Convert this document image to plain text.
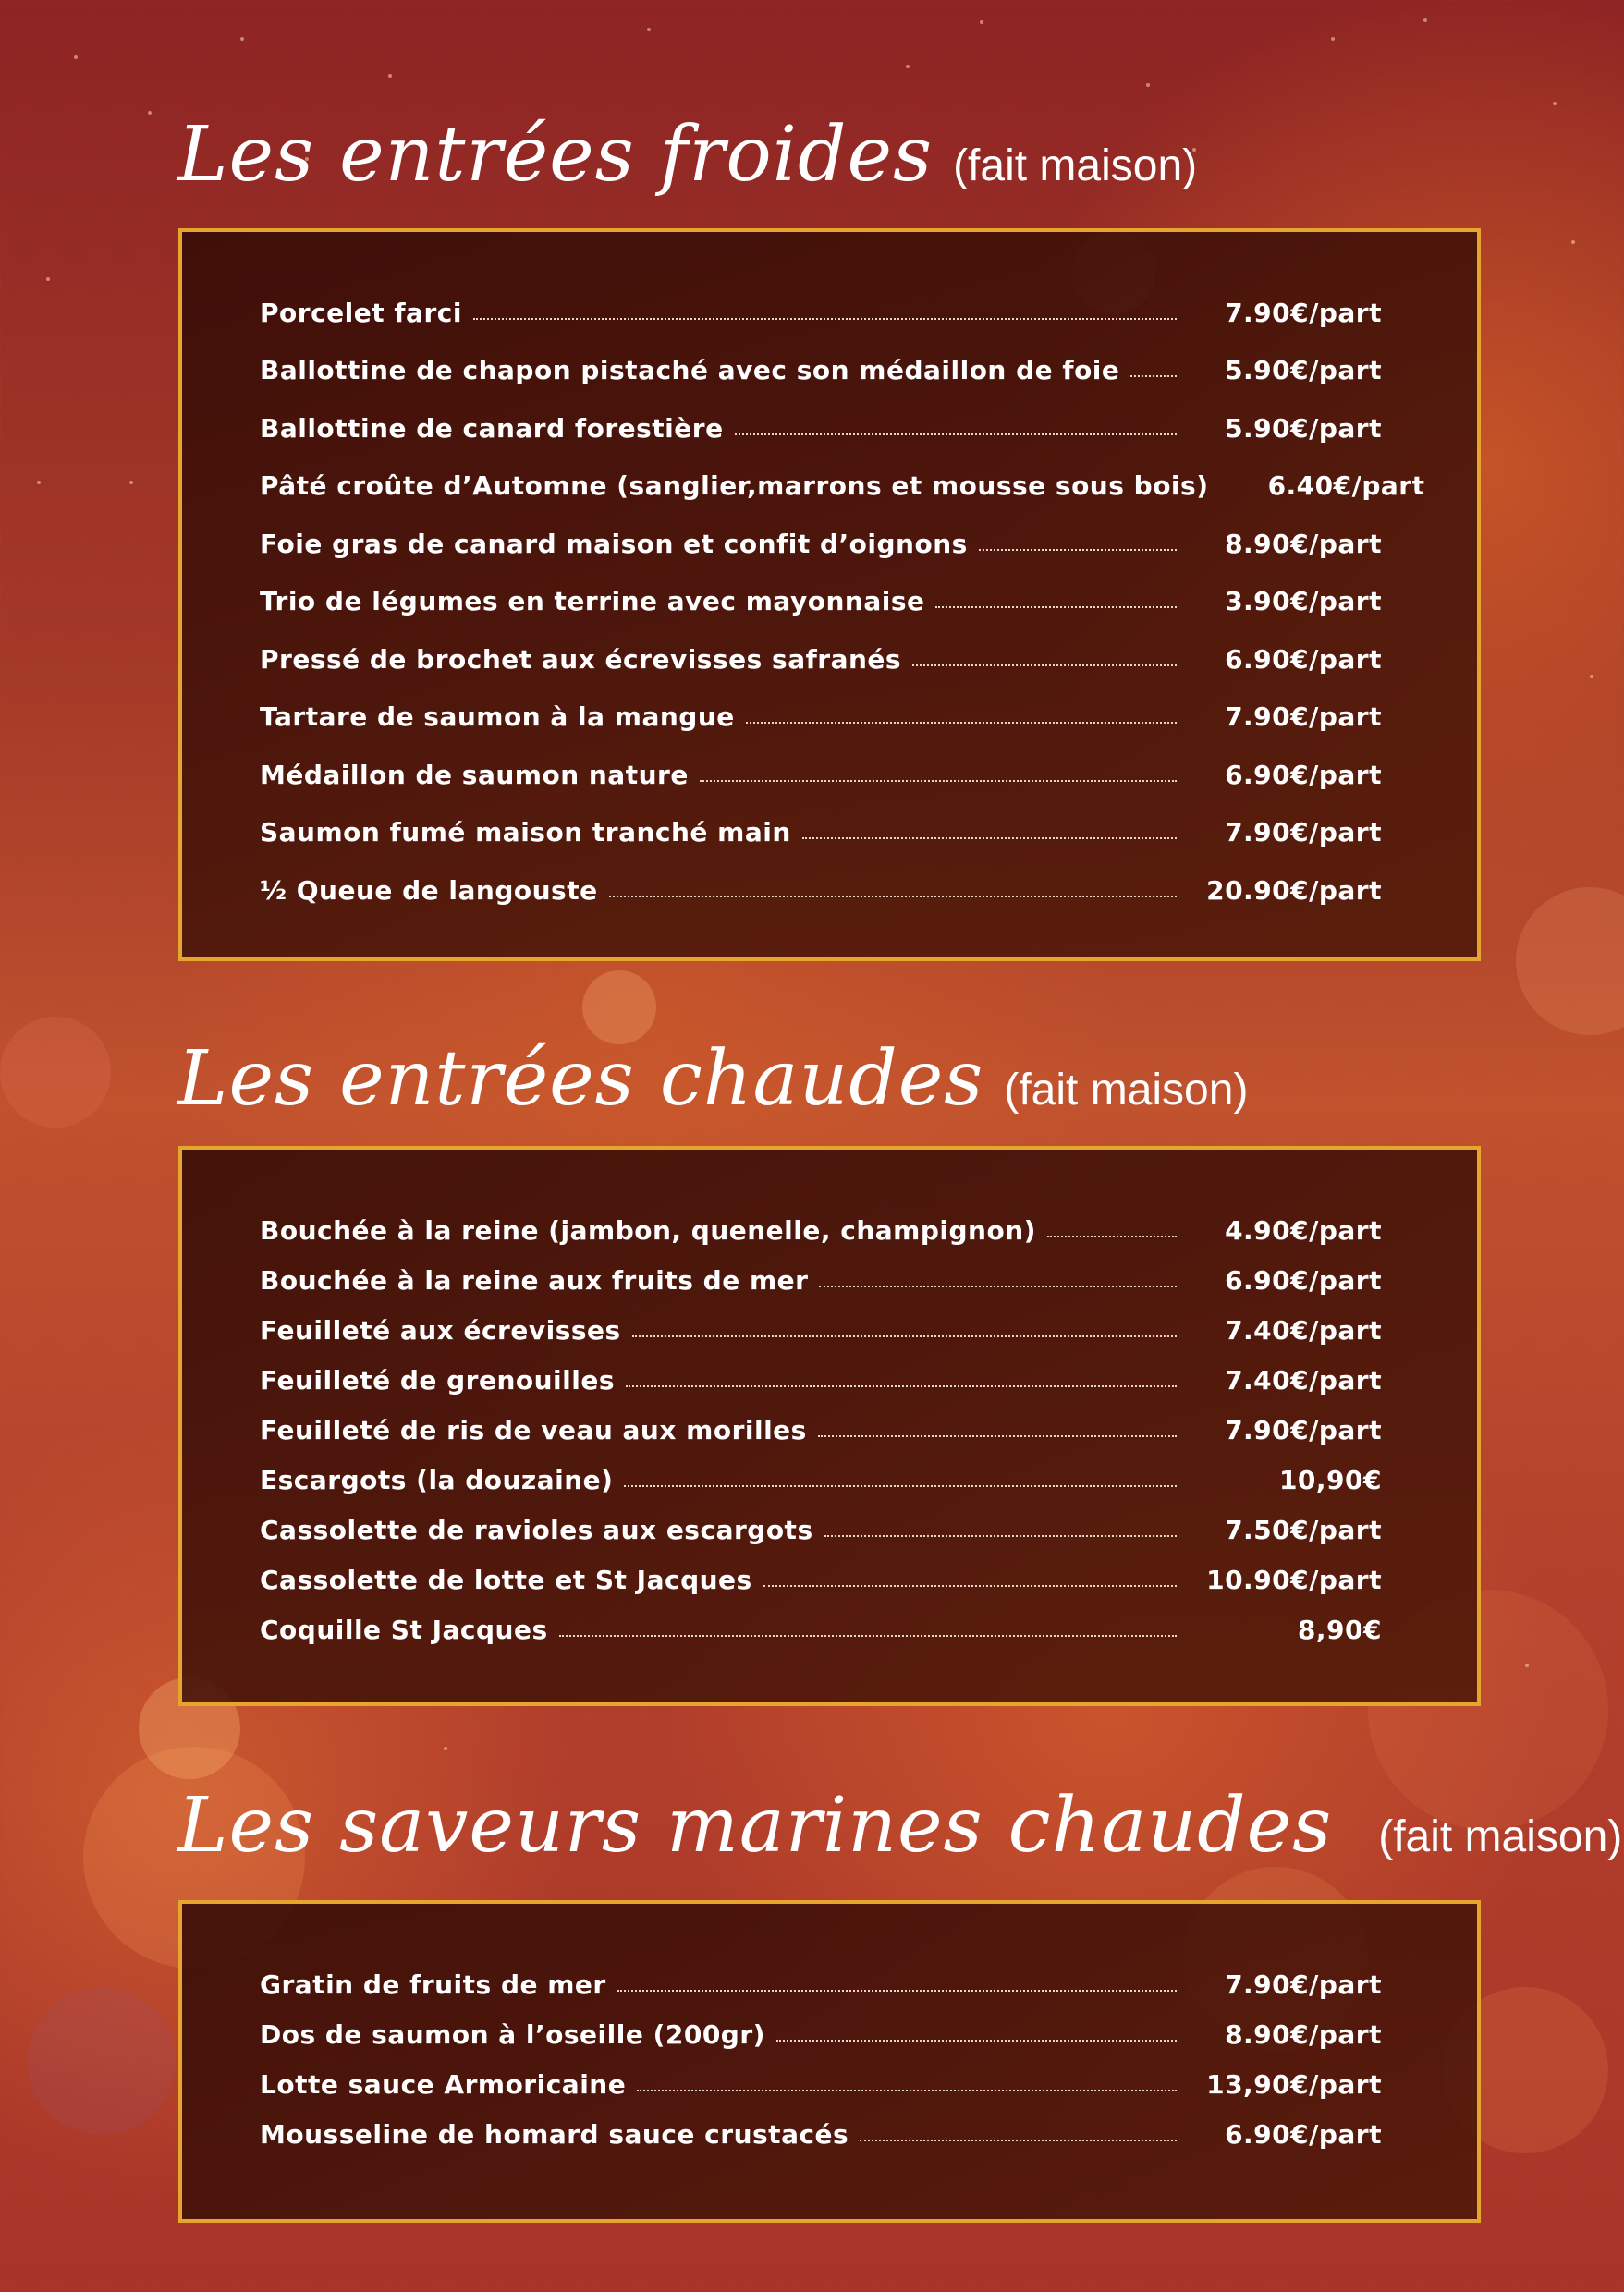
Les entrées froides (fait maison)
Porcelet farci	7.90€/part
Ballottine de chapon pistaché avec son médaillon de foie	5.90€/part
Ballottine de canard forestière	5.90€/part
Pâté croûte d’Automne (sanglier,marrons et mousse sous bois)	6.40€/part
Foie gras de canard maison et confit d’oignons	8.90€/part
Trio de légumes en terrine avec mayonnaise	3.90€/part
Pressé de brochet aux écrevisses safranés	6.90€/part
Tartare de saumon à la mangue	7.90€/part
Médaillon de saumon nature	6.90€/part
Saumon fumé maison tranché main	7.90€/part
½ Queue de langouste	20.90€/part
Les entrées chaudes (fait maison)
Bouchée à la reine (jambon, quenelle, champignon)	4.90€/part
Bouchée à la reine aux fruits de mer	6.90€/part
Feuilleté aux écrevisses	7.40€/part
Feuilleté de grenouilles	7.40€/part
Feuilleté de ris de veau aux morilles	7.90€/part
Escargots (la douzaine)	10,90€
Cassolette de ravioles aux escargots	7.50€/part
Cassolette de lotte et St Jacques	10.90€/part
Coquille St Jacques	8,90€
Les saveurs marines chaudes (fait maison)
Gratin de fruits de mer	7.90€/part
Dos de saumon à l’oseille (200gr)	8.90€/part
Lotte sauce Armoricaine	13,90€/part
Mousseline de homard sauce crustacés	6.90€/part
